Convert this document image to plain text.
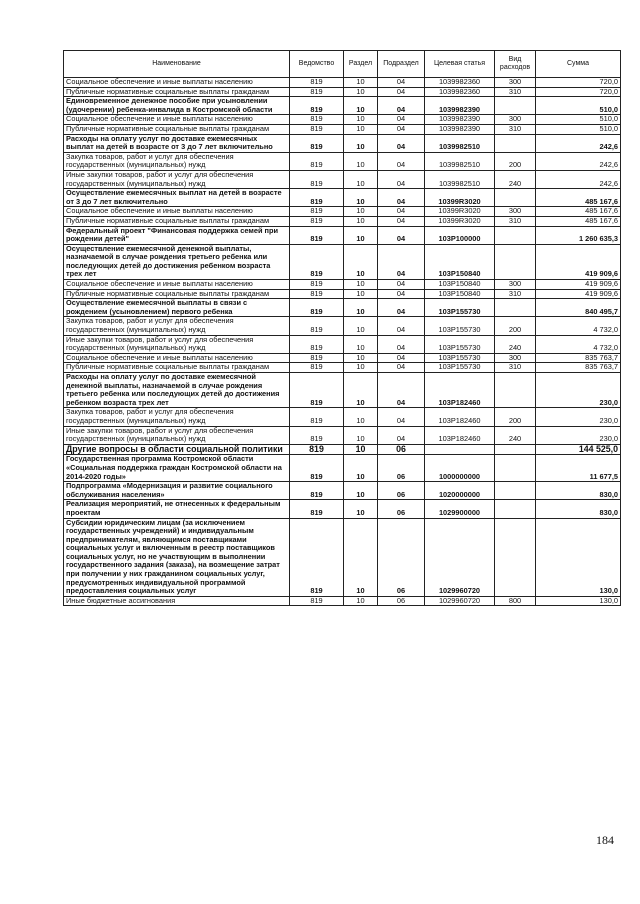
Наименование	Ведомство	Раздел	Подраздел	Целевая статья	Вид расходов	Сумма
Социальное обеспечение и иные выплаты населению	819	10	04	1039982360	300	720,0
Публичные нормативные социальные выплаты гражданам	819	10	04	1039982360	310	720,0
Единовременное денежное пособие при усыновлении (удочерении) ребенка-инвалида в Костромской области	819	10	04	1039982390		510,0
Социальное обеспечение и иные выплаты населению	819	10	04	1039982390	300	510,0
Публичные нормативные социальные выплаты гражданам	819	10	04	1039982390	310	510,0
Расходы на оплату услуг по доставке ежемесячных выплат на детей в возрасте от 3 до 7 лет включительно	819	10	04	1039982510		242,6
Закупка товаров, работ и услуг для обеспечения государственных (муниципальных) нужд	819	10	04	1039982510	200	242,6
Иные закупки товаров, работ и услуг для обеспечения государственных (муниципальных) нужд	819	10	04	1039982510	240	242,6
Осуществление ежемесячных выплат на детей в возрасте от 3 до 7 лет включительно	819	10	04	10399R3020		485 167,6
Социальное обеспечение и иные выплаты населению	819	10	04	10399R3020	300	485 167,6
Публичные нормативные социальные выплаты гражданам	819	10	04	10399R3020	310	485 167,6
Федеральный проект "Финансовая поддержка семей при рождении детей"	819	10	04	103P100000		1 260 635,3
Осуществление ежемесячной денежной выплаты, назначаемой в случае рождения третьего ребенка или последующих детей до достижения ребенком возраста трех лет	819	10	04	103P150840		419 909,6
Социальное обеспечение и иные выплаты населению	819	10	04	103P150840	300	419 909,6
Публичные нормативные социальные выплаты гражданам	819	10	04	103P150840	310	419 909,6
Осуществление ежемесячной выплаты в связи с рождением (усыновлением) первого ребенка	819	10	04	103P155730		840 495,7
Закупка товаров, работ и услуг для обеспечения государственных (муниципальных) нужд	819	10	04	103P155730	200	4 732,0
Иные закупки товаров, работ и услуг для обеспечения государственных (муниципальных) нужд	819	10	04	103P155730	240	4 732,0
Социальное обеспечение и иные выплаты населению	819	10	04	103P155730	300	835 763,7
Публичные нормативные социальные выплаты гражданам	819	10	04	103P155730	310	835 763,7
Расходы на оплату услуг по доставке ежемесячной денежной выплаты, назначаемой в случае рождения третьего ребенка или последующих детей до достижения ребенком возраста трех лет	819	10	04	103P182460		230,0
Закупка товаров, работ и услуг для обеспечения государственных (муниципальных) нужд	819	10	04	103P182460	200	230,0
Иные закупки товаров, работ и услуг для обеспечения государственных (муниципальных) нужд	819	10	04	103P182460	240	230,0
Другие вопросы в области социальной политики	819	10	06			144 525,0
Государственная программа Костромской области «Социальная поддержка граждан Костромской области на 2014-2020 годы»	819	10	06	1000000000		11 677,5
Подпрограмма «Модернизация и развитие социального обслуживания населения»	819	10	06	1020000000		830,0
Реализация мероприятий, не отнесенных к федеральным проектам	819	10	06	1029900000		830,0
Субсидии юридическим лицам (за исключением государственных учреждений) и индивидуальным предпринимателям, являющимся поставщиками социальных услуг и включенным в реестр поставщиков социальных услуг, но не участвующим в выполнении государственного задания (заказа), на возмещение затрат при получении у них гражданином социальных услуг, предусмотренных индивидуальной программой предоставления социальных услуг	819	10	06	1029960720		130,0
Иные бюджетные ассигнования	819	10	06	1029960720	800	130,0
184
